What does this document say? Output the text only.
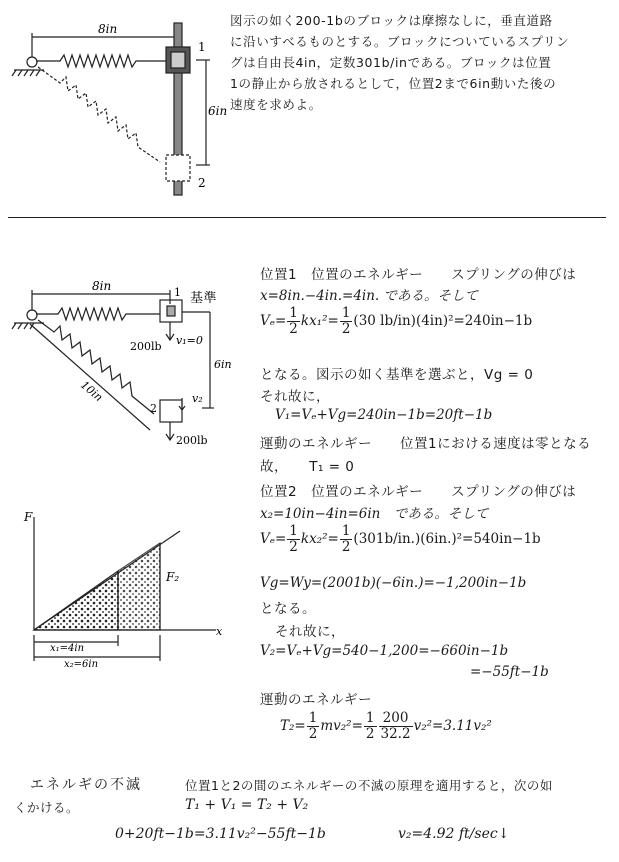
図示の如く200-1bのブロックは摩擦なしに，垂直道路
に沿いすべるものとする。ブロックについているスプリン
グは自由長4in，定数301b/inである。ブロックは位置
1の静止から放されるとして，位置2まで6in動いた後の
速度を求めよ。
8in
1
6in
2
8in	1 基準
200lb v₁=0
6in
10in
2
v₂
200lb
F
x
F₂
x₁=4in
x₂=6in
位置1　位置のエネルギー　　スプリングの伸びは
x=8in.−4in.=4in. である。そして
$V_e= \frac{1}{2} kx_1^2= \frac{1}{2} (30$ lb/in)(4in)²=240in−1b
となる。図示の如く基準を選ぶと，Vg = 0
それ故に，
V₁=Vₑ+Vg=240in−1b=20ft−1b
運動のエネルギー　　位置1における速度は零となる
故，　　T₁ = 0
位置2　位置のエネルギー　　スプリングの伸びは
x₂=10in−4in=6in　である。そして
$V_e= \frac{1}{2} kx_2^2= \frac{1}{2} (301b/in.)(6in.)^2=540in-1b$
Vg=Wy=(2001b)(−6in.)=−1,200in−1b
となる。
それ故に，
V₂=Vₑ+Vg=540−1,200=−660in−1b
=−55ft−1b
運動のエネルギー
$T_2= \frac{1}{2} mv_2^2= \frac{1}{2} \frac{200}{32.2} v_2^2=3.11v_2^2$
エネルギの不滅	位置1と2の間のエネルギーの不滅の原理を適用すると，次の如
くかける。	T₁ + V₁ = T₂ + V₂
0+20ft−1b=3.11v₂²−55ft−1b	v₂=4.92 ft/sec↓
